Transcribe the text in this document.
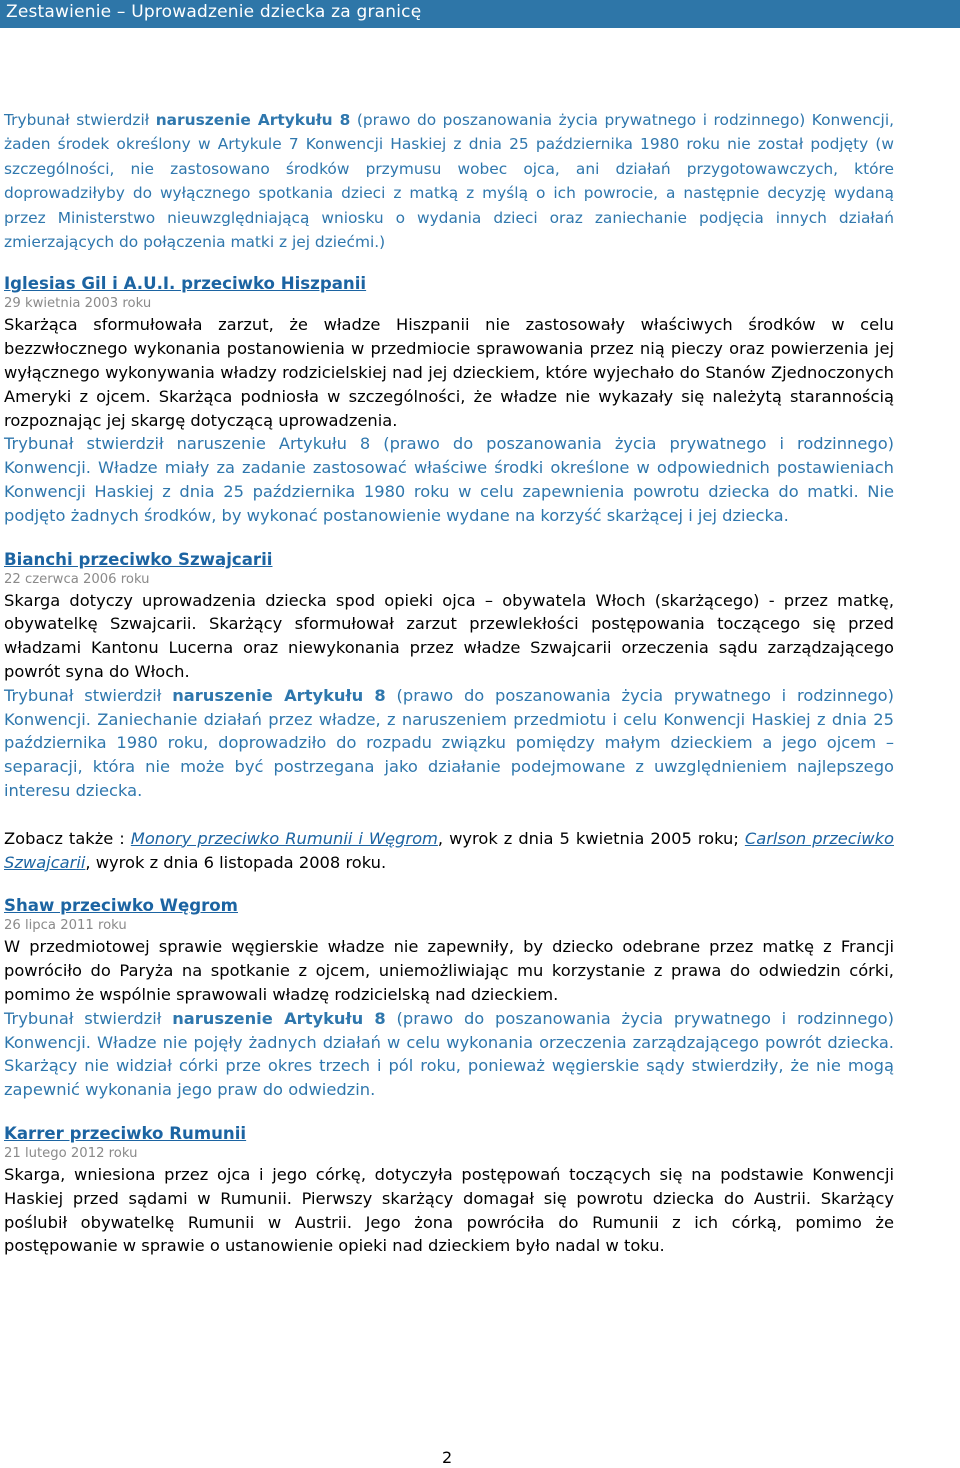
Zestawienie – Uprowadzenie dziecka za granicę

Trybunał stwierdził naruszenie Artykułu 8 (prawo do poszanowania życia prywatnego i rodzinnego) Konwencji, żaden środek określony w Artykule 7 Konwencji Haskiej z dnia 25 października 1980 roku nie został podjęty (w szczególności, nie zastosowano środków przymusu wobec ojca, ani działań przygotowawczych, które doprowadziłyby do wyłącznego spotkania dzieci z matką z myślą o ich powrocie, a następnie decyzję wydaną przez Ministerstwo nieuwzględniającą wniosku o wydania dzieci oraz zaniechanie podjęcia innych działań zmierzających do połączenia matki z jej dziećmi.)

Iglesias Gil i A.U.I. przeciwko Hiszpanii
29 kwietnia 2003 roku

Skarżąca sformułowała zarzut, że władze Hiszpanii nie zastosowały właściwych środków w celu bezzwłocznego wykonania postanowienia w przedmiocie sprawowania przez nią pieczy oraz powierzenia jej wyłącznego wykonywania władzy rodzicielskiej nad jej dzieckiem, które wyjechało do Stanów Zjednoczonych Ameryki z ojcem. Skarżąca podniosła w szczególności, że władze nie wykazały się należytą starannością rozpoznając jej skargę dotyczącą uprowadzenia.

Trybunał stwierdził naruszenie Artykułu 8 (prawo do poszanowania życia prywatnego i rodzinnego) Konwencji. Władze miały za zadanie zastosować właściwe środki określone w odpowiednich postawieniach Konwencji Haskiej z dnia 25 października 1980 roku w celu zapewnienia powrotu dziecka do matki. Nie podjęto żadnych środków, by wykonać postanowienie wydane na korzyść skarżącej i jej dziecka.

Bianchi przeciwko Szwajcarii
22 czerwca 2006 roku

Skarga dotyczy uprowadzenia dziecka spod opieki ojca – obywatela Włoch (skarżącego) - przez matkę, obywatelkę Szwajcarii. Skarżący sformułował zarzut przewlekłości postępowania toczącego się przed władzami Kantonu Lucerna oraz niewykonania przez władze Szwajcarii orzeczenia sądu zarządzającego powrót syna do Włoch.

Trybunał stwierdził naruszenie Artykułu 8 (prawo do poszanowania życia prywatnego i rodzinnego) Konwencji. Zaniechanie działań przez władze, z naruszeniem przedmiotu i celu Konwencji Haskiej z dnia 25 października 1980 roku, doprowadziło do rozpadu związku pomiędzy małym dzieckiem a jego ojcem – separacji, która nie może być postrzegana jako działanie podejmowane z uwzględnieniem najlepszego interesu dziecka.

Zobacz także : Monory przeciwko Rumunii i Węgrom, wyrok z dnia 5 kwietnia 2005 roku; Carlson przeciwko Szwajcarii, wyrok z dnia 6 listopada 2008 roku.

Shaw przeciwko Węgrom
26 lipca 2011 roku

W przedmiotowej sprawie węgierskie władze nie zapewniły, by dziecko odebrane przez matkę z Francji powróciło do Paryża na spotkanie z ojcem, uniemożliwiając mu korzystanie z prawa do odwiedzin córki, pomimo że wspólnie sprawowali władzę rodzicielską nad dzieckiem.

Trybunał stwierdził naruszenie Artykułu 8 (prawo do poszanowania życia prywatnego i rodzinnego) Konwencji. Władze nie pojęły żadnych działań w celu wykonania orzeczenia zarządzającego powrót dziecka. Skarżący nie widział córki prze okres trzech i pól roku, ponieważ węgierskie sądy stwierdziły, że nie mogą zapewnić wykonania jego praw do odwiedzin.

Karrer przeciwko Rumunii
21 lutego 2012 roku

Skarga, wniesiona przez ojca i jego córkę, dotyczyła postępowań toczących się na podstawie Konwencji Haskiej przed sądami w Rumunii. Pierwszy skarżący domagał się powrotu dziecka do Austrii. Skarżący poślubił obywatelkę Rumunii w Austrii. Jego żona powróciła do Rumunii z ich córką, pomimo że postępowanie w sprawie o ustanowienie opieki nad dzieckiem było nadal w toku.

2
